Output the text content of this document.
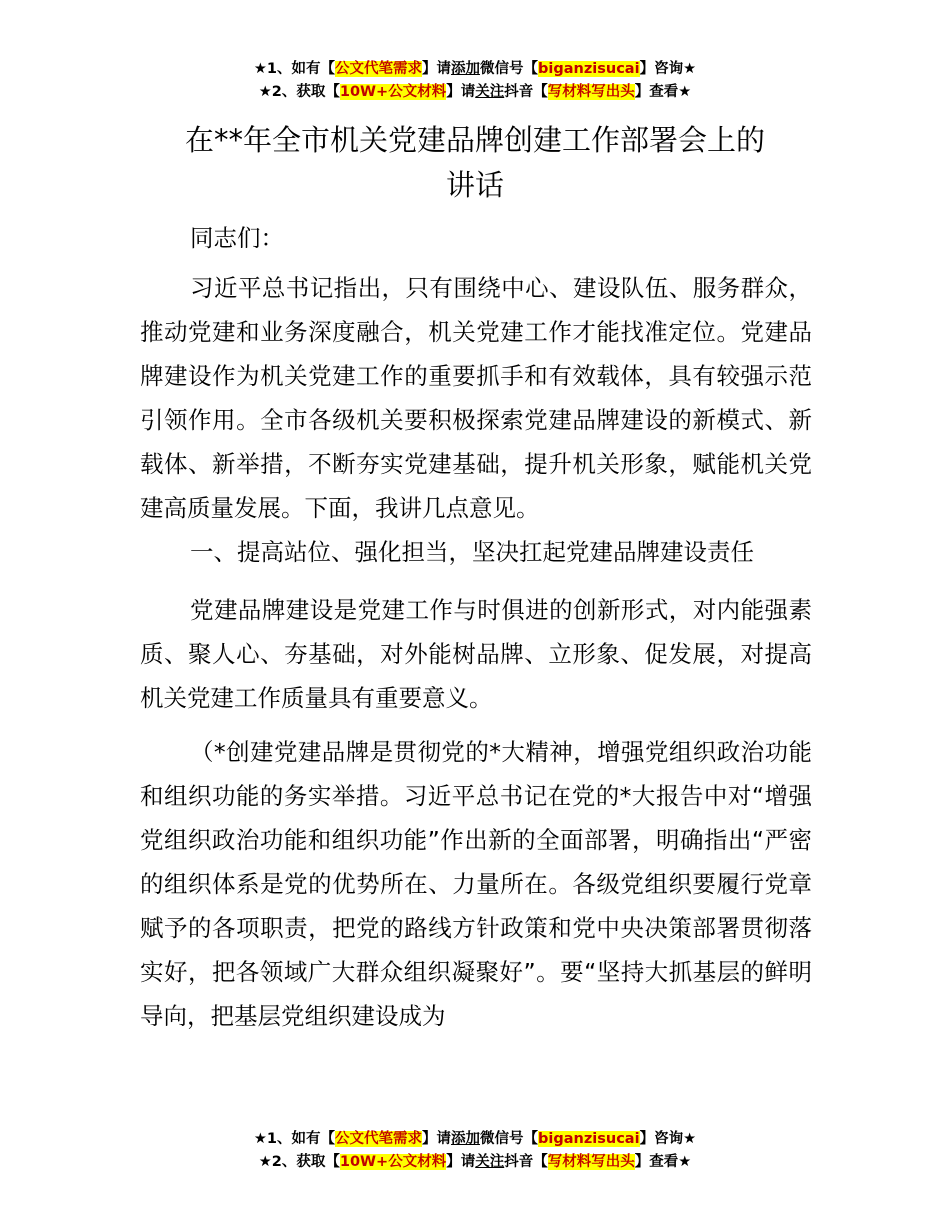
★1、如有【公文代笔需求】请添加微信号【biganzisucai】咨询★
★2、获取【10W+公文材料】请关注抖音【写材料写出头】查看★
在**年全市机关党建品牌创建工作部署会上的
讲话

同志们：

习近平总书记指出，只有围绕中心、建设队伍、服务群众，推动党建和业务深度融合，机关党建工作才能找准定位。党建品牌建设作为机关党建工作的重要抓手和有效载体，具有较强示范引领作用。全市各级机关要积极探索党建品牌建设的新模式、新载体、新举措，不断夯实党建基础，提升机关形象，赋能机关党建高质量发展。下面，我讲几点意见。

一、提高站位、强化担当，坚决扛起党建品牌建设责任

党建品牌建设是党建工作与时俱进的创新形式，对内能强素质、聚人心、夯基础，对外能树品牌、立形象、促发展，对提高机关党建工作质量具有重要意义。

（*创建党建品牌是贯彻党的*大精神，增强党组织政治功能和组织功能的务实举措。习近平总书记在党的*大报告中对“增强党组织政治功能和组织功能”作出新的全面部署，明确指出“严密的组织体系是党的优势所在、力量所在。各级党组织要履行党章赋予的各项职责，把党的路线方针政策和党中央决策部署贯彻落实好，把各领域广大群众组织凝聚好”。要“坚持大抓基层的鲜明导向，把基层党组织建设成为

★1、如有【公文代笔需求】请添加微信号【biganzisucai】咨询★
★2、获取【10W+公文材料】请关注抖音【写材料写出头】查看★
